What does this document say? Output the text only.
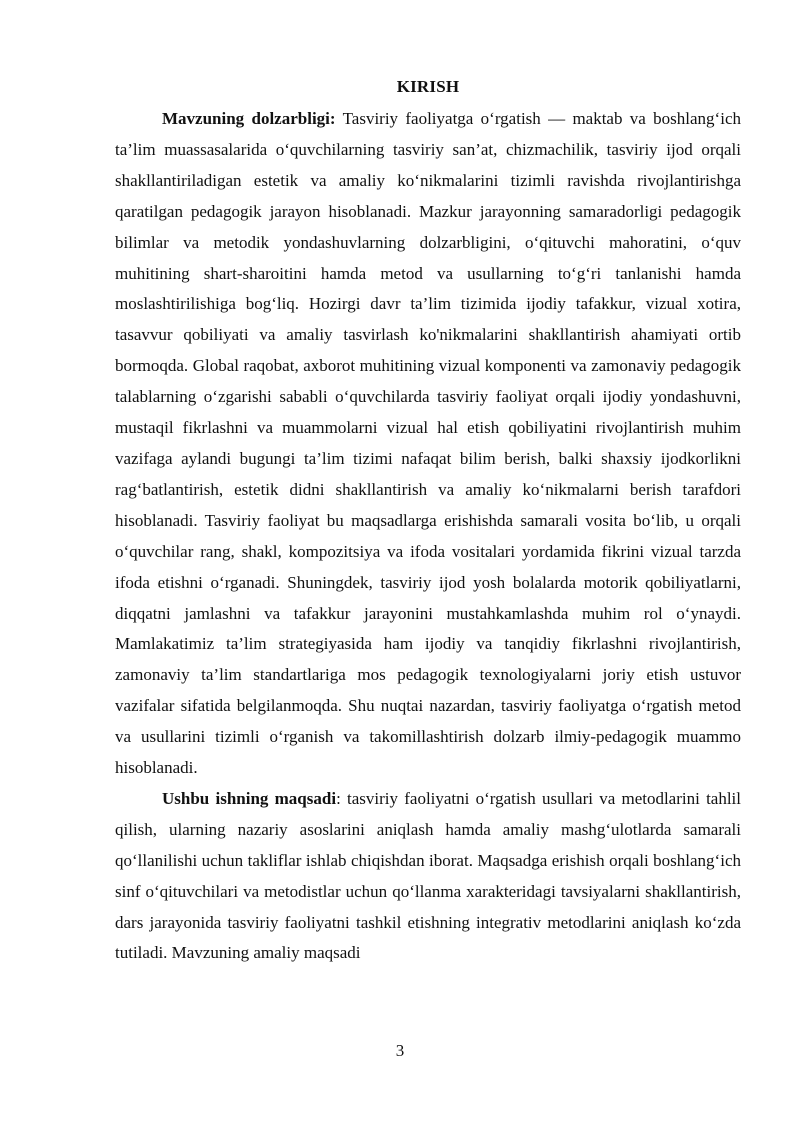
KIRISH

Mavzuning dolzarbligi: Tasviriy faoliyatga o‘rgatish — maktab va boshlang‘ich ta’lim muassasalarida o‘quvchilarning tasviriy san’at, chizmachilik, tasviriy ijod orqali shakllantiriladigan estetik va amaliy ko‘nikmalarini tizimli ravishda rivojlantirishga qaratilgan pedagogik jarayon hisoblanadi. Mazkur jarayonning samaradorligi pedagogik bilimlar va metodik yondashuvlarning dolzarbligini, o‘qituvchi mahoratini, o‘quv muhitining shart-sharoitini hamda metod va usullarning to‘g‘ri tanlanishi hamda moslashtirilishiga bog‘liq. Hozirgi davr ta’lim tizimida ijodiy tafakkur, vizual xotira, tasavvur qobiliyati va amaliy tasvirlash ko'nikmalarini shakllantirish ahamiyati ortib bormoqda. Global raqobat, axborot muhitining vizual komponenti va zamonaviy pedagogik talablarning o‘zgarishi sababli o‘quvchilarda tasviriy faoliyat orqali ijodiy yondashuvni, mustaqil fikrlashni va muammolarni vizual hal etish qobiliyatini rivojlantirish muhim vazifaga aylandi bugungi ta’lim tizimi nafaqat bilim berish, balki shaxsiy ijodkorlikni rag‘batlantirish, estetik didni shakllantirish va amaliy ko‘nikmalarni berish tarafdori hisoblanadi. Tasviriy faoliyat bu maqsadlarga erishishda samarali vosita bo‘lib, u orqali o‘quvchilar rang, shakl, kompozitsiya va ifoda vositalari yordamida fikrini vizual tarzda ifoda etishni o‘rganadi. Shuningdek, tasviriy ijod yosh bolalarda motorik qobiliyatlarni, diqqatni jamlashni va tafakkur jarayonini mustahkamlashda muhim rol o‘ynaydi. Mamlakatimiz ta’lim strategiyasida ham ijodiy va tanqidiy fikrlashni rivojlantirish, zamonaviy ta’lim standartlariga mos pedagogik texnologiyalarni joriy etish ustuvor vazifalar sifatida belgilanmoqda. Shu nuqtai nazardan, tasviriy faoliyatga o‘rgatish metod va usullarini tizimli o‘rganish va takomillashtirish dolzarb ilmiy-pedagogik muammo hisoblanadi.

Ushbu ishning maqsadi: tasviriy faoliyatni o‘rgatish usullari va metodlarini tahlil qilish, ularning nazariy asoslarini aniqlash hamda amaliy mashg‘ulotlarda samarali qo‘llanilishi uchun takliflar ishlab chiqishdan iborat. Maqsadga erishish orqali boshlang‘ich sinf o‘qituvchilari va metodistlar uchun qo‘llanma xarakteridagi tavsiyalarni shakllantirish, dars jarayonida tasviriy faoliyatni tashkil etishning integrativ metodlarini aniqlash ko‘zda tutiladi. Mavzuning amaliy maqsadi

3
